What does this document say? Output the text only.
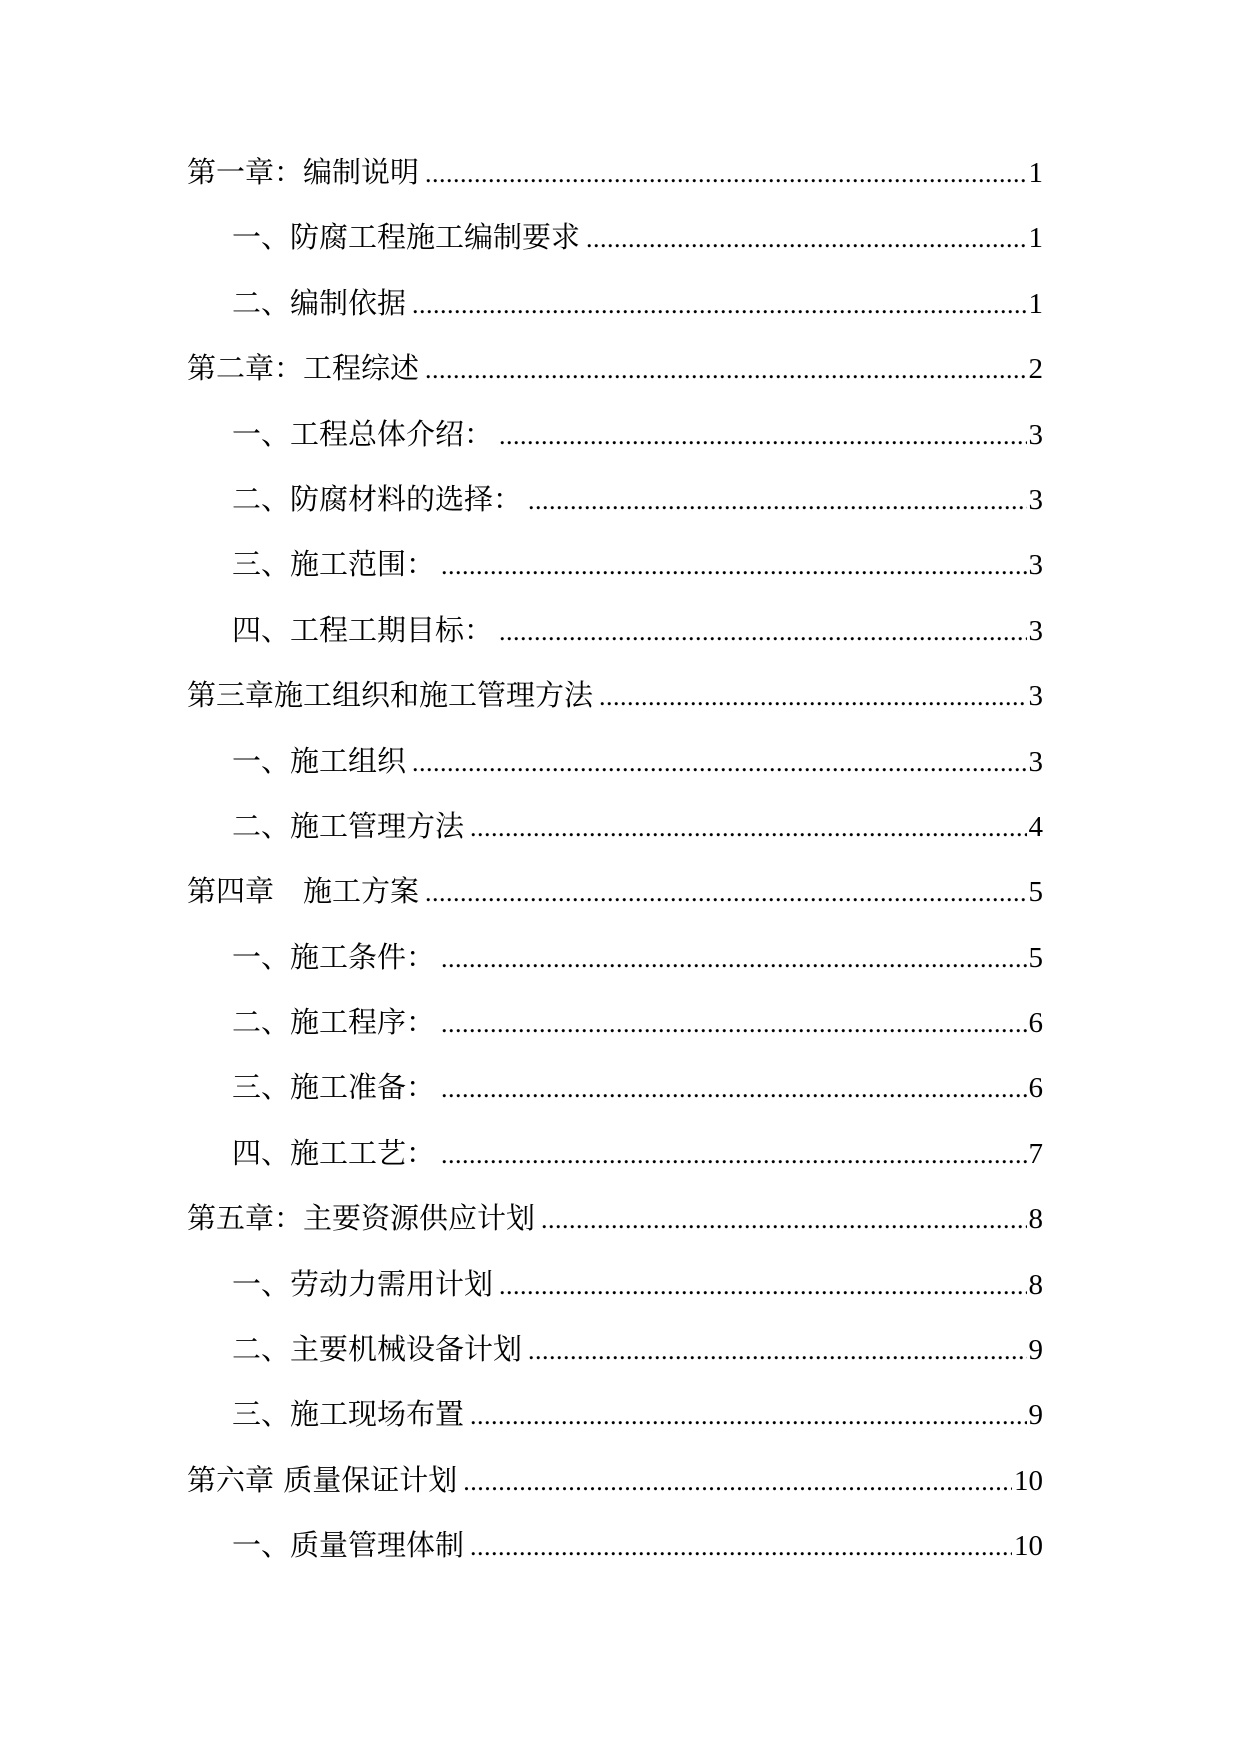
第一章：编制说明 .....	1
一、防腐工程施工编制要求 .....	1
二、编制依据 .....	1
第二章：工程综述 .....	2
一、工程总体介绍： .....	3
二、防腐材料的选择： .....	3
三、施工范围： .....	3
四、工程工期目标： .....	3
第三章施工组织和施工管理方法 .....	3
一、施工组织 .....	3
二、施工管理方法 .....	4
第四章　施工方案 .....	5
一、施工条件： .....	5
二、施工程序： .....	6
三、施工准备： .....	6
四、施工工艺： .....	7
第五章：主要资源供应计划 .....	8
一、劳动力需用计划 .....	8
二、主要机械设备计划 .....	9
三、施工现场布置 .....	9
第六章 质量保证计划 .....	10
一、质量管理体制 .....	10
